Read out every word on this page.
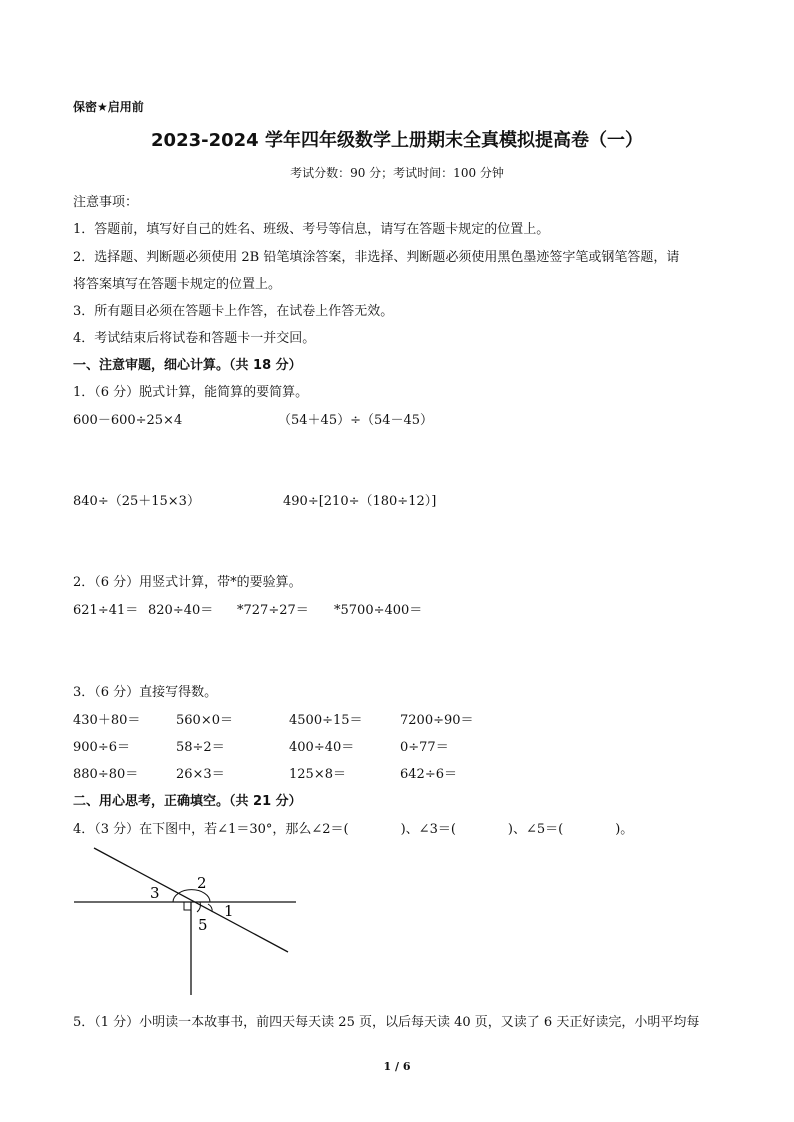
保密★启用前
2023-2024 学年四年级数学上册期末全真模拟提高卷（一）
考试分数：90 分；考试时间：100 分钟
注意事项：
1．答题前，填写好自己的姓名、班级、考号等信息，请写在答题卡规定的位置上。
2．选择题、判断题必须使用 2B 铅笔填涂答案，非选择、判断题必须使用黑色墨迹签字笔或钢笔答题，请
将答案填写在答题卡规定的位置上。
3．所有题目必须在答题卡上作答，在试卷上作答无效。
4．考试结束后将试卷和答题卡一并交回。
一、注意审题，细心计算。（共 18 分）
1．（6 分）脱式计算，能简算的要简算。
600－600÷25×4	（54＋45）÷（54－45）
840÷（25＋15×3）	490÷[210÷（180÷12）]
2．（6 分）用竖式计算，带*的要验算。
621÷41＝ 820÷40＝ *727÷27＝ *5700÷400＝
3．（6 分）直接写得数。
430＋80＝	560×0＝	4500÷15＝	7200÷90＝
900÷6＝	58÷2＝	400÷40＝	0÷77＝
880÷80＝	26×3＝	125×8＝	642÷6＝
二、用心思考，正确填空。（共 21 分）
4．（3 分）在下图中，若∠1＝30°，那么∠2＝(　　　　)、∠3＝(　　　　)、∠5＝(　　　　)。
3
2
1
5
5．（1 分）小明读一本故事书，前四天每天读 25 页，以后每天读 40 页，又读了 6 天正好读完，小明平均每
1 / 6
